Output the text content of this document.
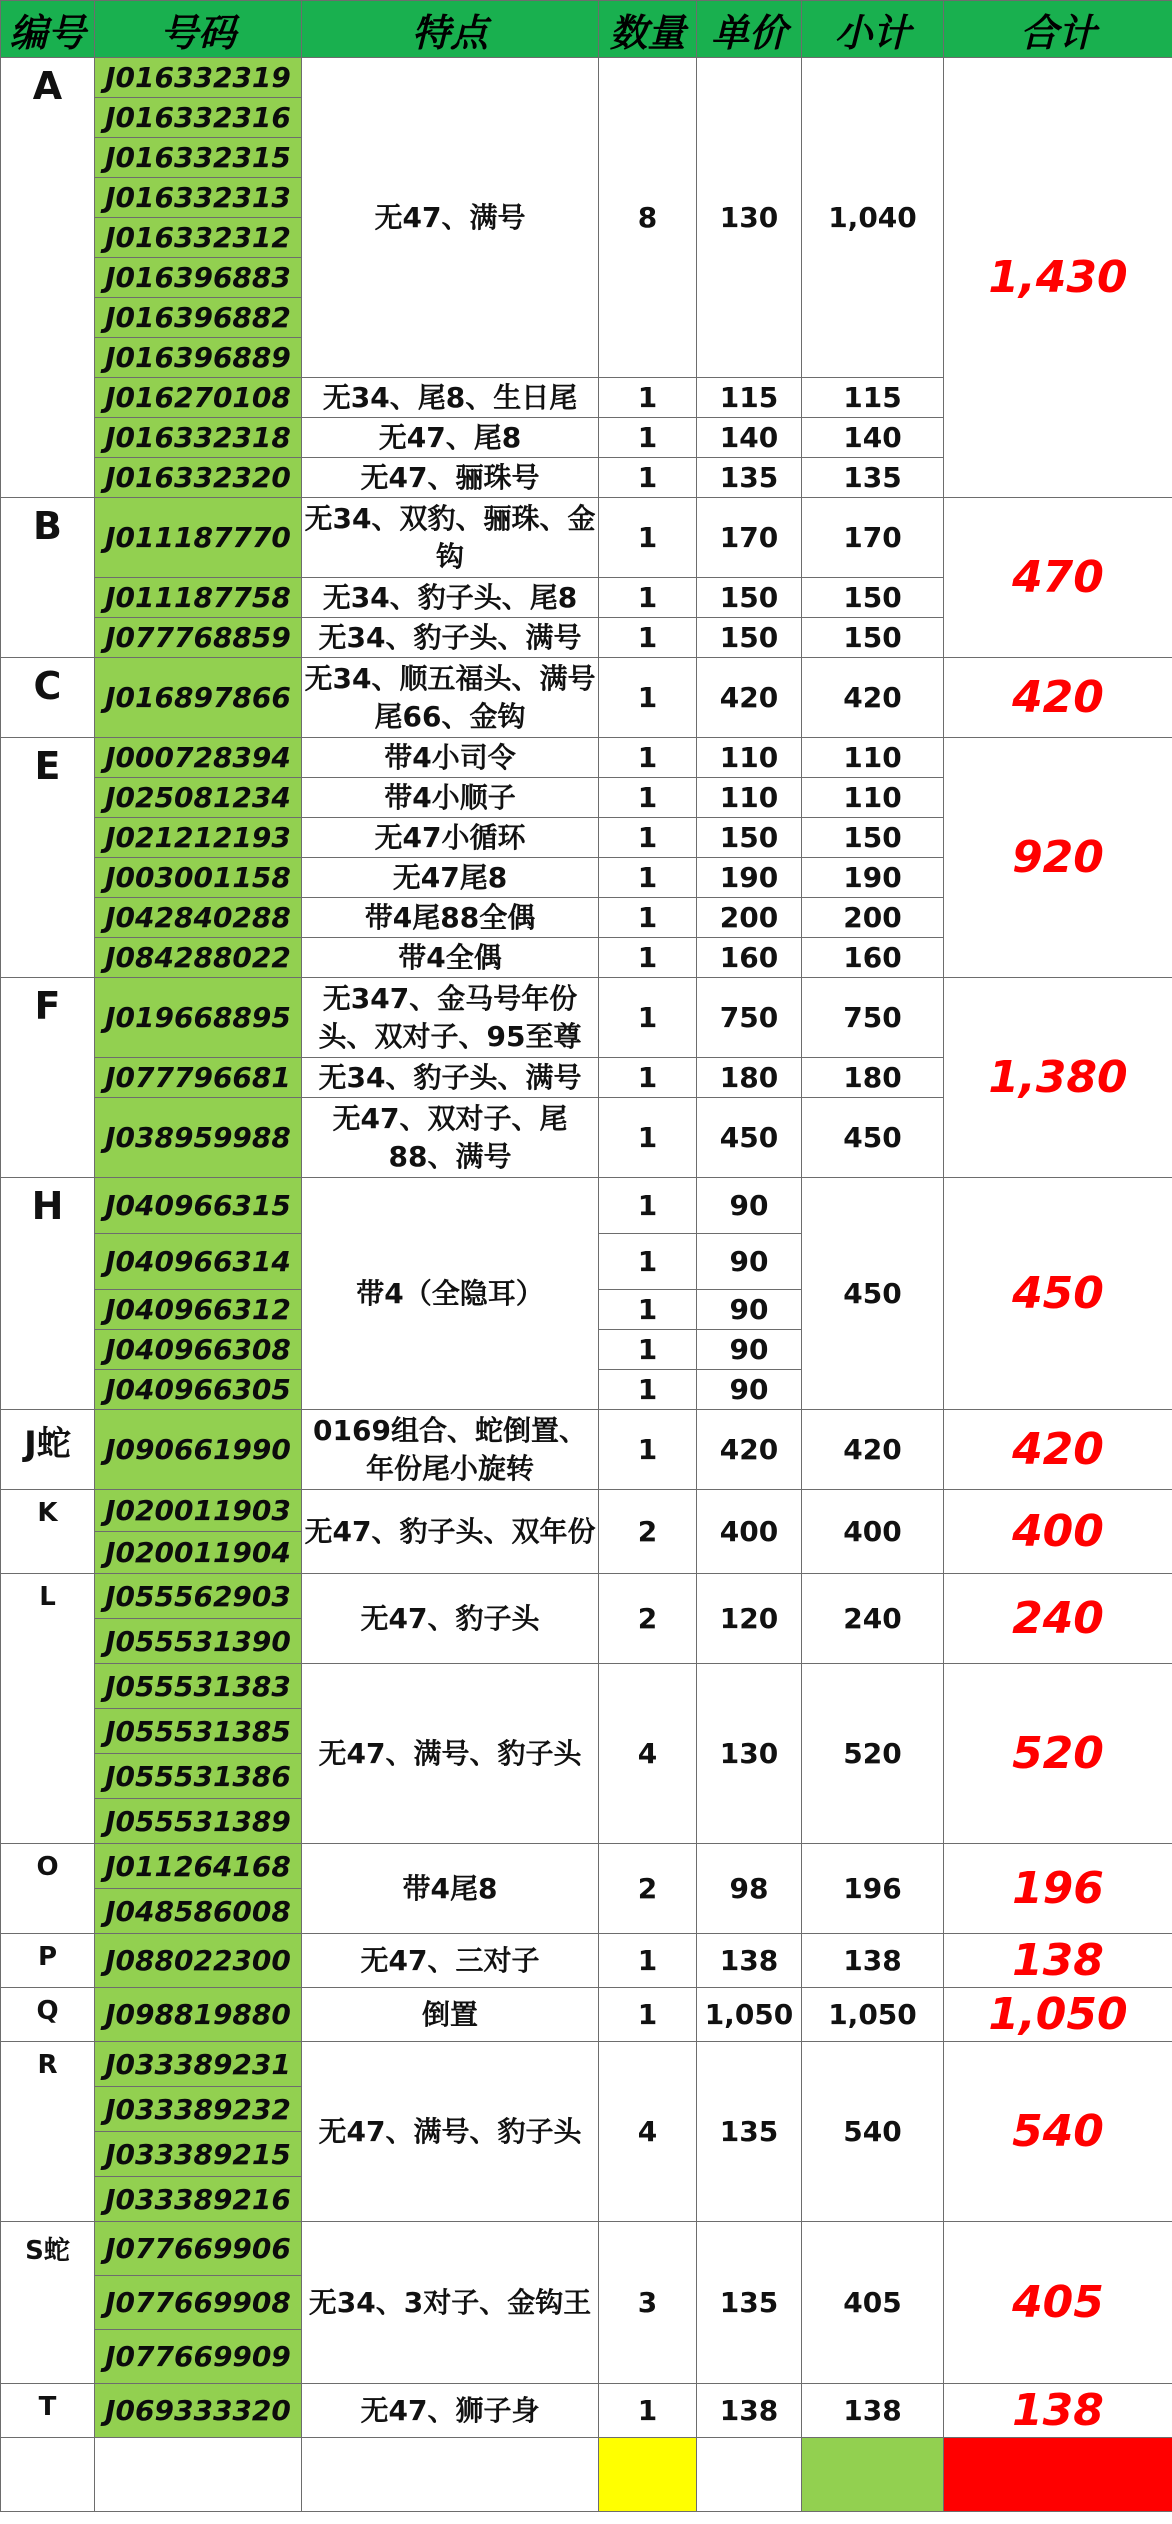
编号	号码	特点	数量	单价	小计	合计
A	J016332319	无47、满号	8	130	1,040	1,430
	J016332316					
	J016332315					
	J016332313					
	J016332312					
	J016396883					
	J016396882					
	J016396889					
	J016270108	无34、尾8、生日尾	1	115	115	
	J016332318	无47、尾8	1	140	140	
	J016332320	无47、骊珠号	1	135	135	
B	J011187770	无34、双豹、骊珠、金钩	1	170	170	470
	J011187758	无34、豹子头、尾8	1	150	150	
	J077768859	无34、豹子头、满号	1	150	150	
C	J016897866	无34、顺五福头、满号尾66、金钩	1	420	420	420
E	J000728394	带4小司令	1	110	110	920
	J025081234	带4小顺子	1	110	110	
	J021212193	无47小循环	1	150	150	
	J003001158	无47尾8	1	190	190	
	J042840288	带4尾88全偶	1	200	200	
	J084288022	带4全偶	1	160	160	
F	J019668895	无347、金马号年份头、双对子、95至尊	1	750	750	1,380
	J077796681	无34、豹子头、满号	1	180	180	
	J038959988	无47、双对子、尾88、满号	1	450	450	
H	J040966315	带4（全隐耳）	1	90	450	450
	J040966314		1	90		
	J040966312		1	90		
	J040966308		1	90		
	J040966305		1	90		
J蛇	J090661990	0169组合、蛇倒置、年份尾小旋转	1	420	420	420
K	J020011903	无47、豹子头、双年份	2	400	400	400
	J020011904					
L	J055562903	无47、豹子头	2	120	240	240
	J055531390					
	J055531383	无47、满号、豹子头	4	130	520	520
	J055531385					
	J055531386					
	J055531389					
O	J011264168	带4尾8	2	98	196	196
	J048586008					
P	J088022300	无47、三对子	1	138	138	138
Q	J098819880	倒置	1	1,050	1,050	1,050
R	J033389231	无47、满号、豹子头	4	135	540	540
	J033389232					
	J033389215					
	J033389216					
S蛇	J077669906	无34、3对子、金钩王	3	135	405	405
	J077669908					
	J077669909					
T	J069333320	无47、狮子身	1	138	138	138
